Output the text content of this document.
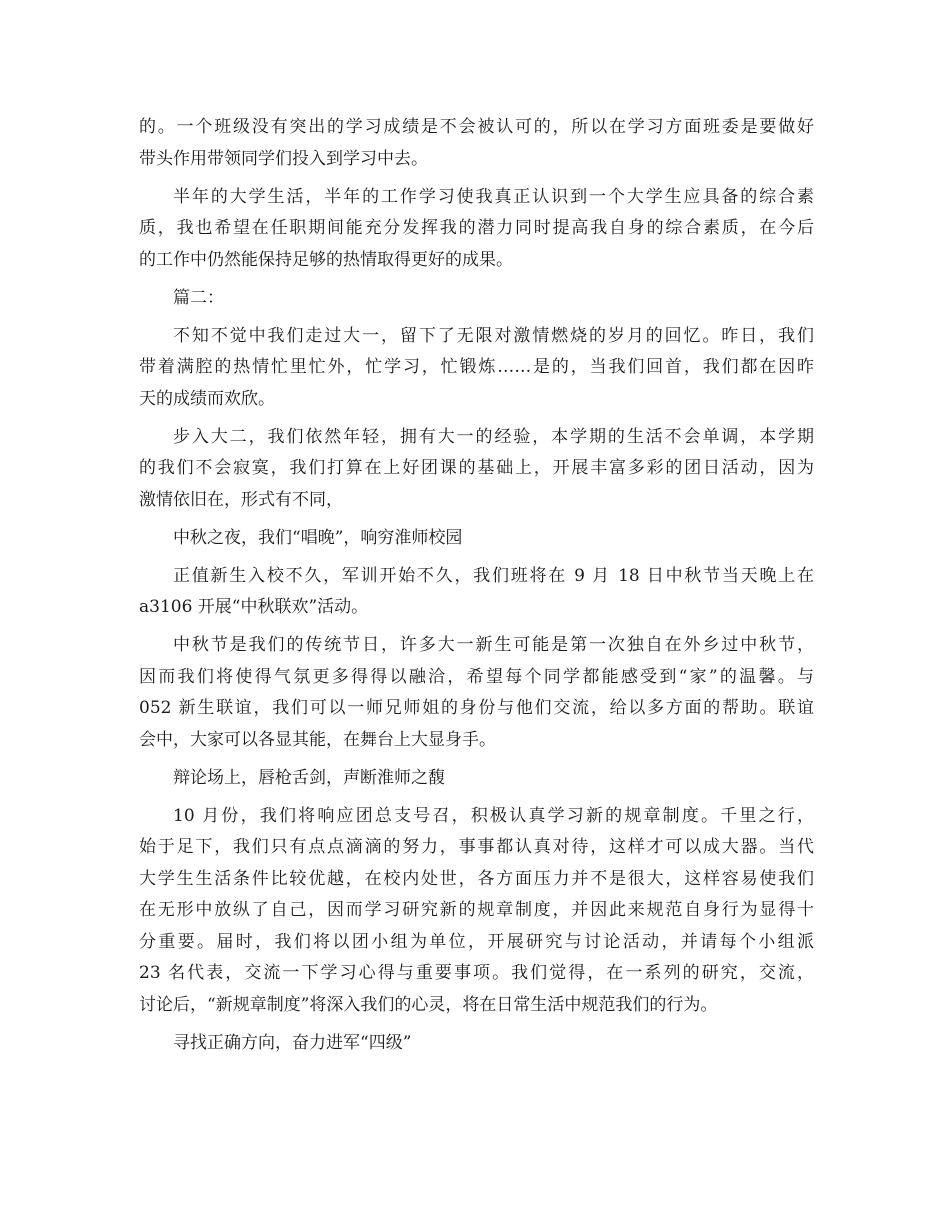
的。一个班级没有突出的学习成绩是不会被认可的，所以在学习方面班委是要做好
带头作用带领同学们投入到学习中去。
半年的大学生活，半年的工作学习使我真正认识到一个大学生应具备的综合素
质，我也希望在任职期间能充分发挥我的潜力同时提高我自身的综合素质，在今后
的工作中仍然能保持足够的热情取得更好的成果。
篇二：
不知不觉中我们走过大一，留下了无限对激情燃烧的岁月的回忆。昨日，我们
带着满腔的热情忙里忙外，忙学习，忙锻炼……是的，当我们回首，我们都在因昨
天的成绩而欢欣。
步入大二，我们依然年轻，拥有大一的经验，本学期的生活不会单调，本学期
的我们不会寂寞，我们打算在上好团课的基础上，开展丰富多彩的团日活动，因为
激情依旧在，形式有不同，
中秋之夜，我们“唱晚”，响穷淮师校园
正值新生入校不久，军训开始不久，我们班将在 9 月 18 日中秋节当天晚上在
a3106 开展“中秋联欢”活动。
中秋节是我们的传统节日，许多大一新生可能是第一次独自在外乡过中秋节，
因而我们将使得气氛更多得得以融洽，希望每个同学都能感受到“家”的温馨。与
052 新生联谊，我们可以一师兄师姐的身份与他们交流，给以多方面的帮助。联谊
会中，大家可以各显其能，在舞台上大显身手。
辩论场上，唇枪舌剑，声断淮师之馥
10 月份，我们将响应团总支号召，积极认真学习新的规章制度。千里之行，
始于足下，我们只有点点滴滴的努力，事事都认真对待，这样才可以成大器。当代
大学生生活条件比较优越，在校内处世，各方面压力并不是很大，这样容易使我们
在无形中放纵了自己，因而学习研究新的规章制度，并因此来规范自身行为显得十
分重要。届时，我们将以团小组为单位，开展研究与讨论活动，并请每个小组派
23 名代表，交流一下学习心得与重要事项。我们觉得，在一系列的研究，交流，
讨论后，“新规章制度”将深入我们的心灵，将在日常生活中规范我们的行为。
寻找正确方向，奋力进军“四级”
